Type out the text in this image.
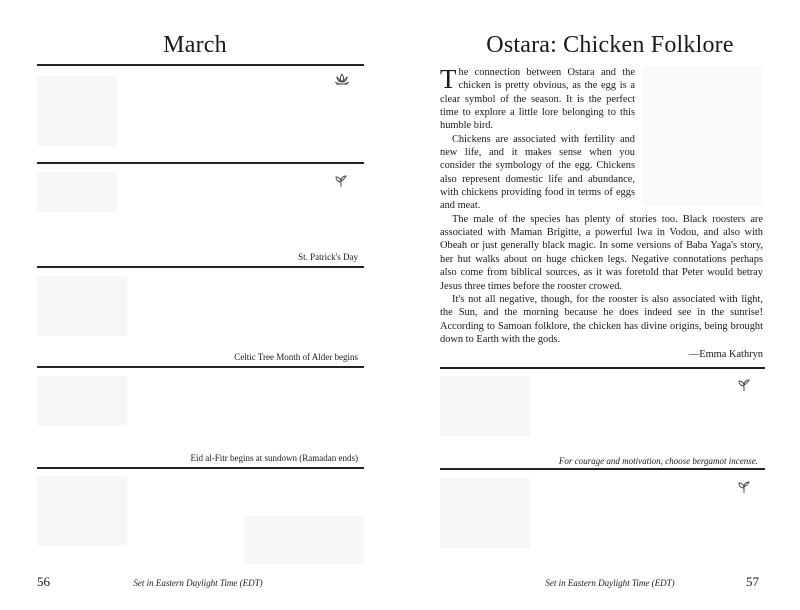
March
St. Patrick's Day
Celtic Tree Month of Alder begins
Eid al-Fitr begins at sundown (Ramadan ends)
56	Set in Eastern Daylight Time (EDT)
Ostara: Chicken Folklore

The connection between Ostara and the chicken is pretty obvious, as the egg is a clear symbol of the season. It is the perfect time to explore a little lore belonging to this humble bird.

Chickens are associated with fertility and new life, and it makes sense when you consider the symbology of the egg. Chickens also represent domestic life and abundance, with chickens providing food in terms of eggs and meat.

The male of the species has plenty of stories too. Black roosters are associated with Maman Brigitte, a powerful lwa in Vodou, and also with Obeah or just generally black magic. In some versions of Baba Yaga's story, her hut walks about on huge chicken legs. Negative connotations perhaps also come from biblical sources, as it was foretold that Peter would betray Jesus three times before the rooster crowed.

It's not all negative, though, for the rooster is also associated with light, the Sun, and the morning because he does indeed see in the sunrise! According to Samoan folklore, the chicken has divine origins, being brought down to Earth with the gods.

—Emma Kathryn
Set in Eastern Daylight Time (EDT)	57
For courage and motivation, choose bergamot incense.
